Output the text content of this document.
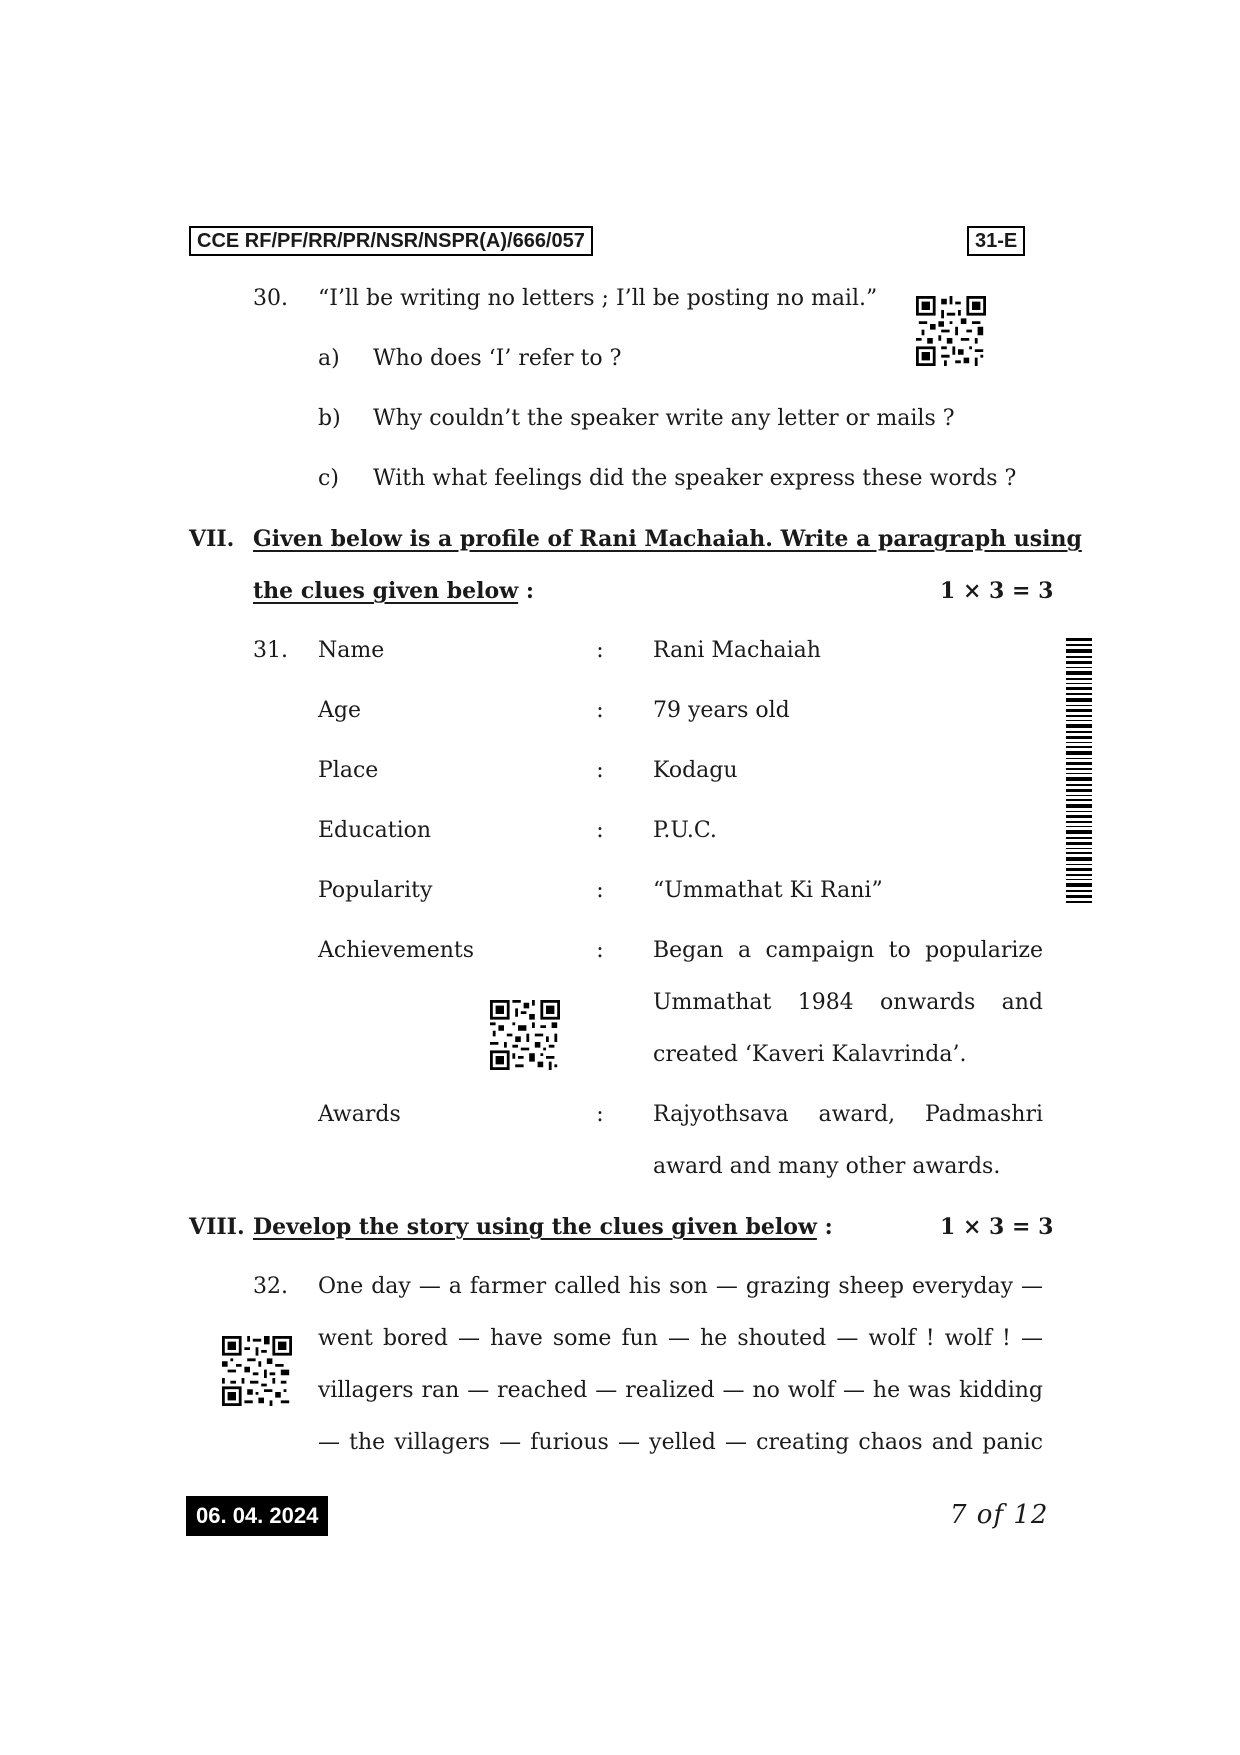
CCE RF/PF/RR/PR/NSR/NSPR(A)/666/057	31-E
30. “I’ll be writing no letters ; I’ll be posting no mail.”
a) Who does ‘I’ refer to ?
b) Why couldn’t the speaker write any letter or mails ?
c) With what feelings did the speaker express these words ?
VII. Given below is a profile of Rani Machaiah. Write a paragraph using
the clues given below :	1 × 3 = 3
31. Name	: Rani Machaiah
Age	: 79 years old
Place	: Kodagu
Education	: P.U.C.
Popularity	: “Ummathat Ki Rani”
Achievements	: Began a campaign to popularize
Ummathat 1984 onwards and
created ‘Kaveri Kalavrinda’.
Awards	: Rajyothsava award, Padmashri
award and many other awards.
VIII. Develop the story using the clues given below :	1 × 3 = 3
32. One day — a farmer called his son — grazing sheep everyday —
went bored — have some fun — he shouted — wolf ! wolf ! —
villagers ran — reached — realized — no wolf — he was kidding
— the villagers — furious — yelled — creating chaos and panic
06. 04. 2024	7 of 12
